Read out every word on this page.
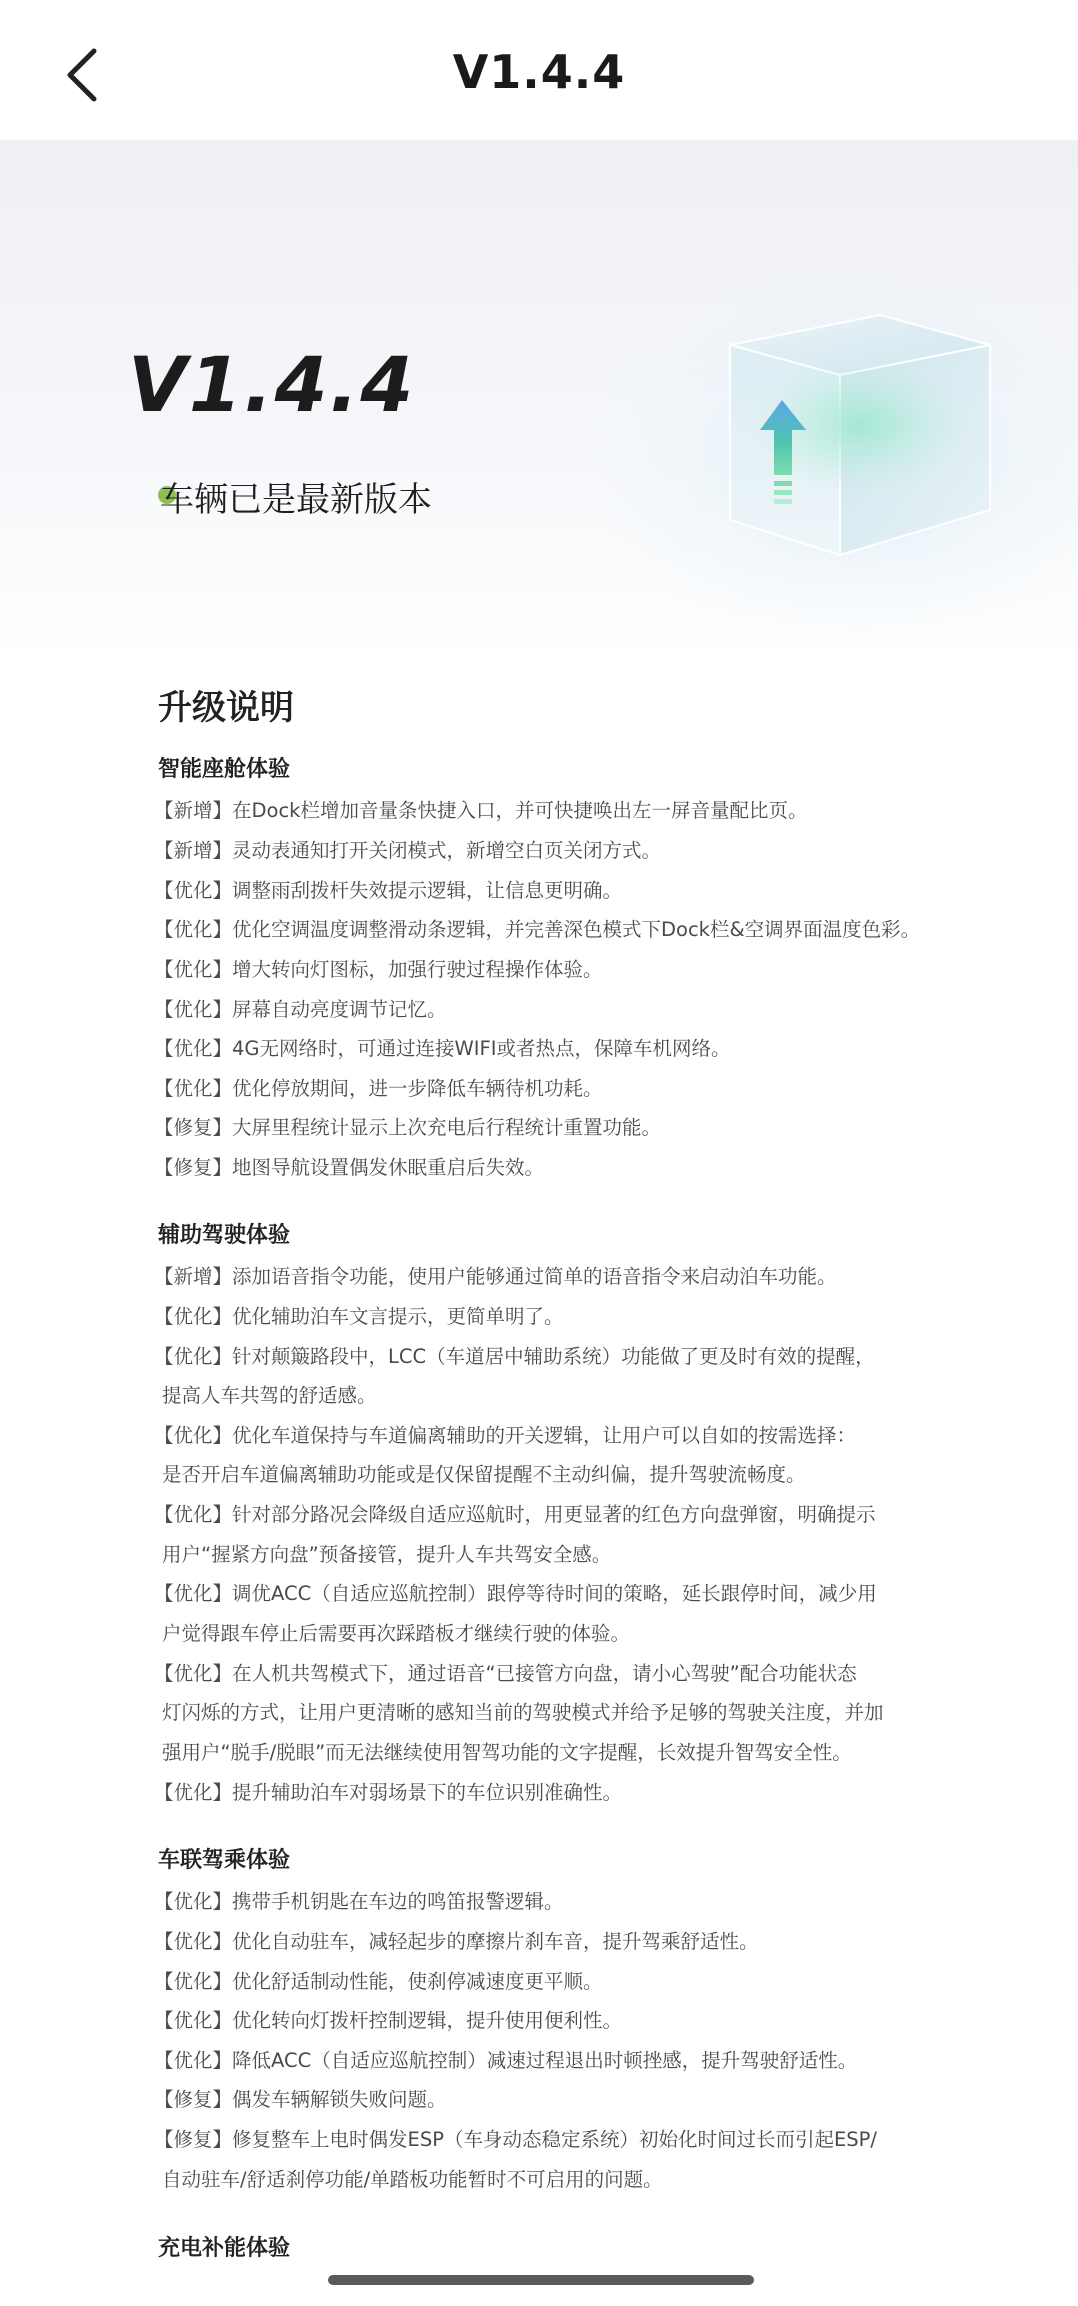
V1.4.4
V1.4.4
车辆已是最新版本
升级说明
智能座舱体验
【新增】在Dock栏增加音量条快捷入口，并可快捷唤出左一屏音量配比页。
【新增】灵动表通知打开关闭模式，新增空白页关闭方式。
【优化】调整雨刮拨杆失效提示逻辑，让信息更明确。
【优化】优化空调温度调整滑动条逻辑，并完善深色模式下Dock栏&空调界面温度色彩。
【优化】增大转向灯图标，加强行驶过程操作体验。
【优化】屏幕自动亮度调节记忆。
【优化】4G无网络时，可通过连接WIFI或者热点，保障车机网络。
【优化】优化停放期间，进一步降低车辆待机功耗。
【修复】大屏里程统计显示上次充电后行程统计重置功能。
【修复】地图导航设置偶发休眠重启后失效。
辅助驾驶体验
【新增】添加语音指令功能，使用户能够通过简单的语音指令来启动泊车功能。
【优化】优化辅助泊车文言提示，更简单明了。
【优化】针对颠簸路段中，LCC（车道居中辅助系统）功能做了更及时有效的提醒，
提高人车共驾的舒适感。
【优化】优化车道保持与车道偏离辅助的开关逻辑，让用户可以自如的按需选择：
是否开启车道偏离辅助功能或是仅保留提醒不主动纠偏，提升驾驶流畅度。
【优化】针对部分路况会降级自适应巡航时，用更显著的红色方向盘弹窗，明确提示
用户“握紧方向盘”预备接管，提升人车共驾安全感。
【优化】调优ACC（自适应巡航控制）跟停等待时间的策略，延长跟停时间，减少用
户觉得跟车停止后需要再次踩踏板才继续行驶的体验。
【优化】在人机共驾模式下，通过语音“已接管方向盘，请小心驾驶”配合功能状态
灯闪烁的方式，让用户更清晰的感知当前的驾驶模式并给予足够的驾驶关注度，并加
强用户“脱手/脱眼”而无法继续使用智驾功能的文字提醒，长效提升智驾安全性。
【优化】提升辅助泊车对弱场景下的车位识别准确性。
车联驾乘体验
【优化】携带手机钥匙在车边的鸣笛报警逻辑。
【优化】优化自动驻车，减轻起步的摩擦片刹车音，提升驾乘舒适性。
【优化】优化舒适制动性能，使刹停减速度更平顺。
【优化】优化转向灯拨杆控制逻辑，提升使用便利性。
【优化】降低ACC（自适应巡航控制）减速过程退出时顿挫感，提升驾驶舒适性。
【修复】偶发车辆解锁失败问题。
【修复】修复整车上电时偶发ESP（车身动态稳定系统）初始化时间过长而引起ESP/
自动驻车/舒适刹停功能/单踏板功能暂时不可启用的问题。
充电补能体验
